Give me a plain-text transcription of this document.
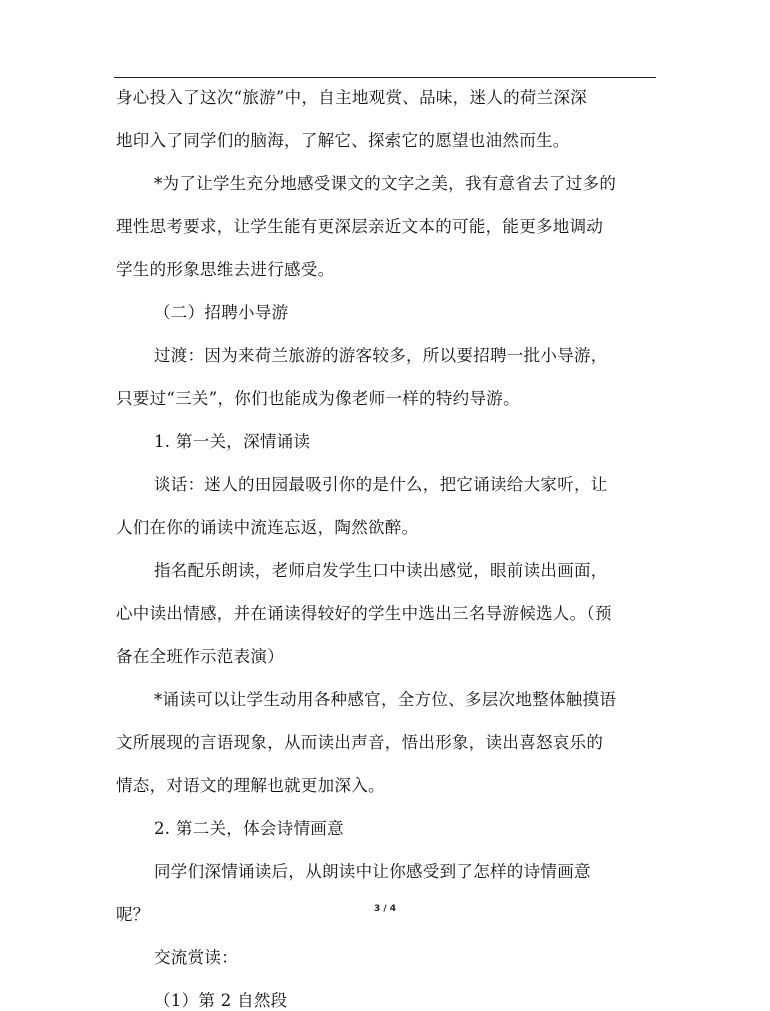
身心投入了这次“旅游”中，自主地观赏、品味，迷人的荷兰深深
地印入了同学们的脑海，了解它、探索它的愿望也油然而生。
*为了让学生充分地感受课文的文字之美，我有意省去了过多的
理性思考要求，让学生能有更深层亲近文本的可能，能更多地调动
学生的形象思维去进行感受。
（二）招聘小导游
过渡：因为来荷兰旅游的游客较多，所以要招聘一批小导游，
只要过“三关”，你们也能成为像老师一样的特约导游。
1. 第一关，深情诵读
谈话：迷人的田园最吸引你的是什么，把它诵读给大家听，让
人们在你的诵读中流连忘返，陶然欲醉。
指名配乐朗读，老师启发学生口中读出感觉，眼前读出画面，
心中读出情感，并在诵读得较好的学生中选出三名导游候选人。（预
备在全班作示范表演）
*诵读可以让学生动用各种感官，全方位、多层次地整体触摸语
文所展现的言语现象，从而读出声音，悟出形象，读出喜怒哀乐的
情态，对语文的理解也就更加深入。
2. 第二关，体会诗情画意
同学们深情诵读后，从朗读中让你感受到了怎样的诗情画意
呢？
交流赏读：
（1）第 2 自然段
3 / 4
